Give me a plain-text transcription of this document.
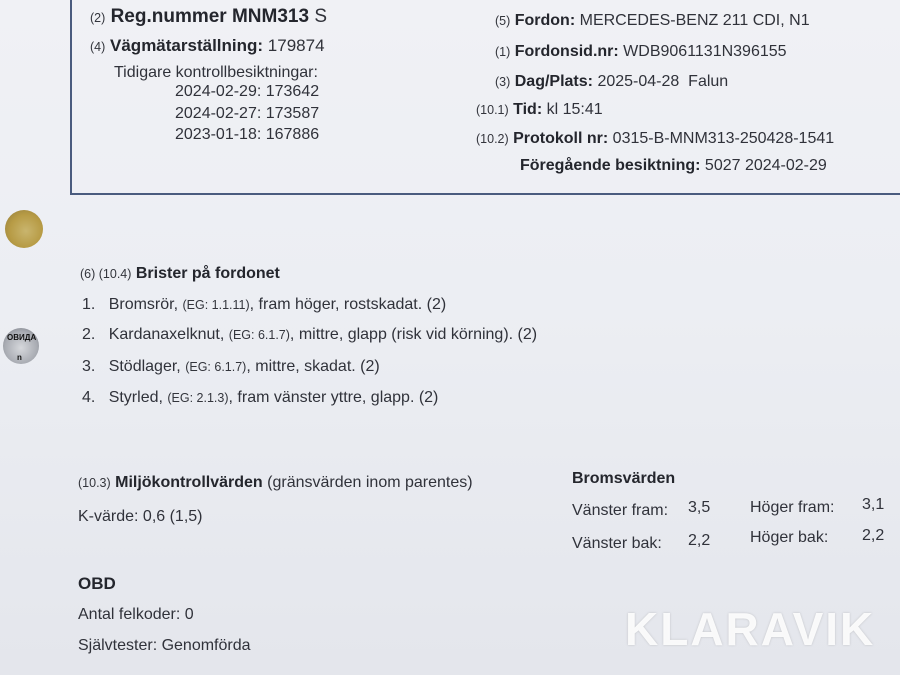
(2) Reg.nummer MNM313 S
(4) Vägmätarställning: 179874
Tidigare kontrollbesiktningar:
2024-02-29: 173642
2024-02-27: 173587
2023-01-18: 167886
(5) Fordon: MERCEDES-BENZ 211 CDI, N1
(1) Fordonsid.nr: WDB9061131N396155
(3) Dag/Plats: 2025-04-28  Falun
(10.1) Tid: kl 15:41
(10.2) Protokoll nr: 0315-B-MNM313-250428-1541
Föregående besiktning: 5027 2024-02-29
ОВИДА
n
(6) (10.4) Brister på fordonet
1. Bromsrör, (EG: 1.1.11), fram höger, rostskadat. (2)
2. Kardanaxelknut, (EG: 6.1.7), mittre, glapp (risk vid körning). (2)
3. Stödlager, (EG: 6.1.7), mittre, skadat. (2)
4. Styrled, (EG: 2.1.3), fram vänster yttre, glapp. (2)
(10.3) Miljökontrollvärden (gränsvärden inom parentes)
K-värde: 0,6 (1,5)
Bromsvärden
Vänster fram: 3,5 Höger fram: 3,1
Vänster bak: 2,2 Höger bak: 2,2
OBD
Antal felkoder: 0
Självtester: Genomförda	KLARAVIK
